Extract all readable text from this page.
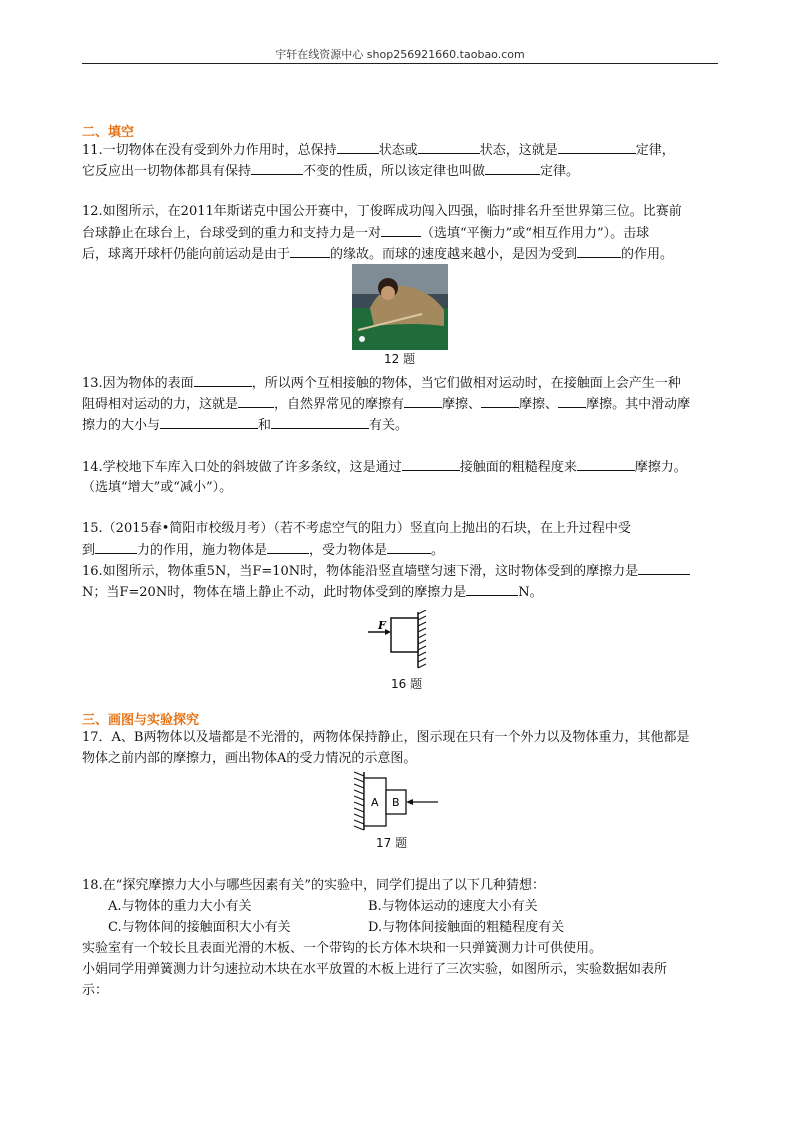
宇轩在线资源中心 shop256921660.taobao.com
二、填空
11.一切物体在没有受到外力作用时，总保持	状态或	状态，这就是	定律，
它反应出一切物体都具有保持	不变的性质，所以该定律也叫做	定律。
12.如图所示，在2011年斯诺克中国公开赛中，丁俊晖成功闯入四强，临时排名升至世界第三位。比赛前
台球静止在球台上，台球受到的重力和支持力是一对	（选填“平衡力”或“相互作用力”）。击球
后，球离开球杆仍能向前运动是由于	的缘故。而球的速度越来越小，是因为受到	的作用。
12 题
13.因为物体的表面	，所以两个互相接触的物体，当它们做相对运动时，在接触面上会产生一种
阻碍相对运动的力，这就是	，自然界常见的摩擦有	摩擦、	摩擦、 摩擦。其中滑动摩
擦力的大小与	和	有关。
14.学校地下车库入口处的斜坡做了许多条纹，这是通过	接触面的粗糙程度来	摩擦力。
（选填“增大”或“减小”）。
15.（2015春•简阳市校级月考）（若不考虑空气的阻力）竖直向上抛出的石块，在上升过程中受
到	力的作用，施力物体是	，受力物体是	。
16.如图所示，物体重5N，当F=10N时，物体能沿竖直墙壁匀速下滑，这时物体受到的摩擦力是
N；当F=20N时，物体在墙上静止不动，此时物体受到的摩擦力是	N。
F
16 题
三、画图与实验探究
17．A、B两物体以及墙都是不光滑的，两物体保持静止，图示现在只有一个外力以及物体重力，其他都是
物体之前内部的摩擦力，画出物体A的受力情况的示意图。
A B
17 题
18.在“探究摩擦力大小与哪些因素有关”的实验中，同学们提出了以下几种猜想：
A.与物体的重力大小有关	B.与物体运动的速度大小有关
C.与物体间的接触面积大小有关	D.与物体间接触面的粗糙程度有关
实验室有一个较长且表面光滑的木板、一个带钩的长方体木块和一只弹簧测力计可供使用。
小娟同学用弹簧测力计匀速拉动木块在水平放置的木板上进行了三次实验，如图所示，实验数据如表所
示：
